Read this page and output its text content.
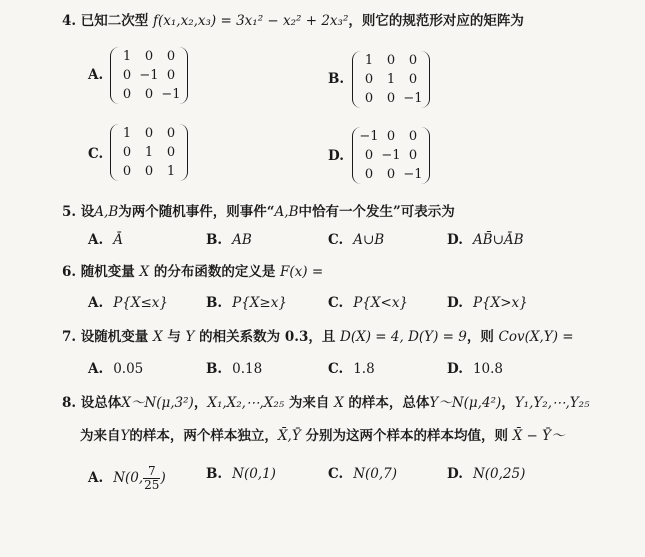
4. 已知二次型 f(x₁,x₂,x₃) = 3x₁² − x₂² + 2x₃²，则它的规范形对应的矩阵为
A.
1	0	0
0 −1 0
0	0 −1
B.
1	0	0
0	1	0
0	0 −1
C.
1	0	0
0	1	0
0	0	1
D.
−1 0	0
0 −1 0
0	0 −1
5. 设A,B为两个随机事件，则事件“A,B中恰有一个发生”可表示为
A. Ā	B. AB	C. A∪B	D. AB̄∪ĀB
6. 随机变量 X 的分布函数的定义是 F(x) =
A. P{X≤x}	B. P{X≥x}	C. P{X<x}	D. P{X>x}
7. 设随机变量 X 与 Y 的相关系数为 0.3，且 D(X) = 4, D(Y) = 9，则 Cov(X,Y) =
A. 0.05	B. 0.18	C. 1.8	D. 10.8
8. 设总体X～N(μ,3²)，X₁,X₂,⋯,X₂₅ 为来自 X 的样本，总体Y～N(μ,4²)，Y₁,Y₂,⋯,Y₂₅
为来自Y的样本，两个样本独立，X̄,Ȳ 分别为这两个样本的样本均值，则 X̄ − Ȳ～
A. N(0, $\frac{7}{25}$ )	B. N(0,1)	C. N(0,7)	D. N(0,25)
